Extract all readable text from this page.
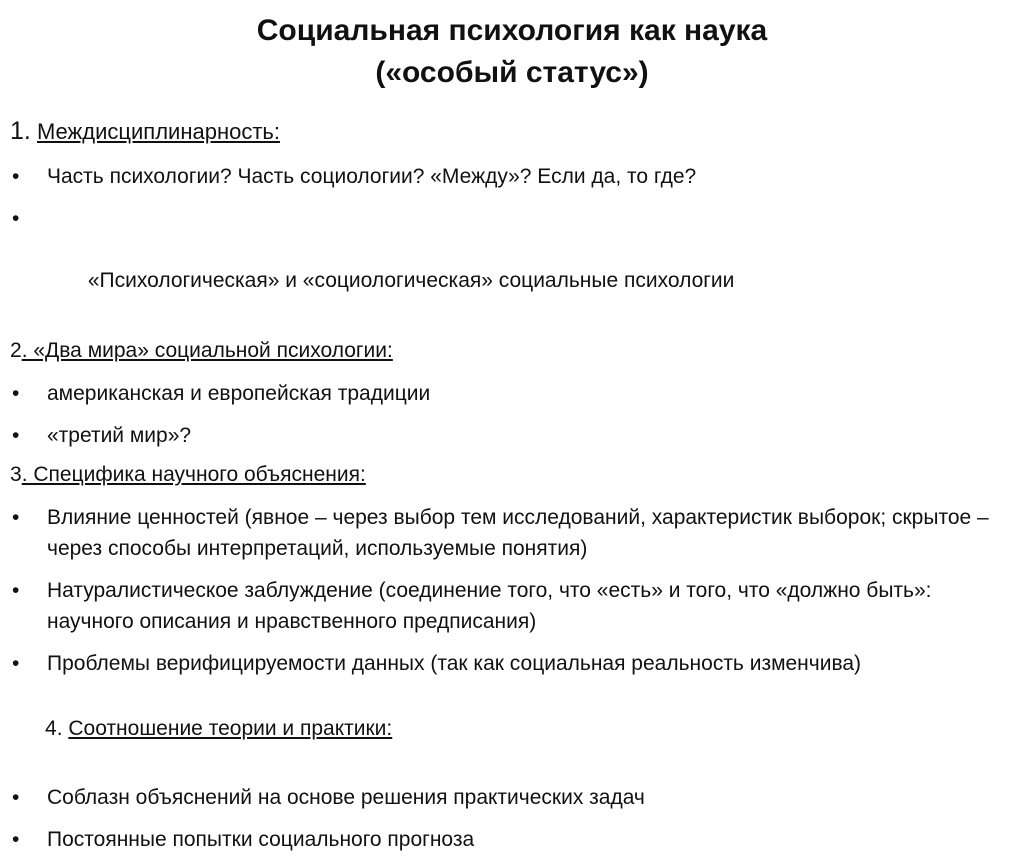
Социальная психология как наука
(«особый статус»)
1. Междисциплинарность:
•	Часть психологии? Часть социологии? «Между»? Если да, то где?

•

«Психологическая» и «социологическая» социальные психологии

2. «Два мира» социальной психологии:
•	американская и европейская традиции
•	«третий мир»?
3. Специфика научного объяснения:
•	Влияние ценностей (явное – через выбор тем исследований, характеристик выборок; скрытое – через способы интерпретаций, используемые понятия)
•	Натуралистическое заблуждение (соединение того, что «есть» и того, что «должно быть»: научного описания и нравственного предписания)
•	Проблемы верифицируемости данных (так как социальная реальность изменчива)

4. Соотношение теории и практики:

•	Соблазн объяснений на основе решения практических задач
•	Постоянные попытки социального прогноза
